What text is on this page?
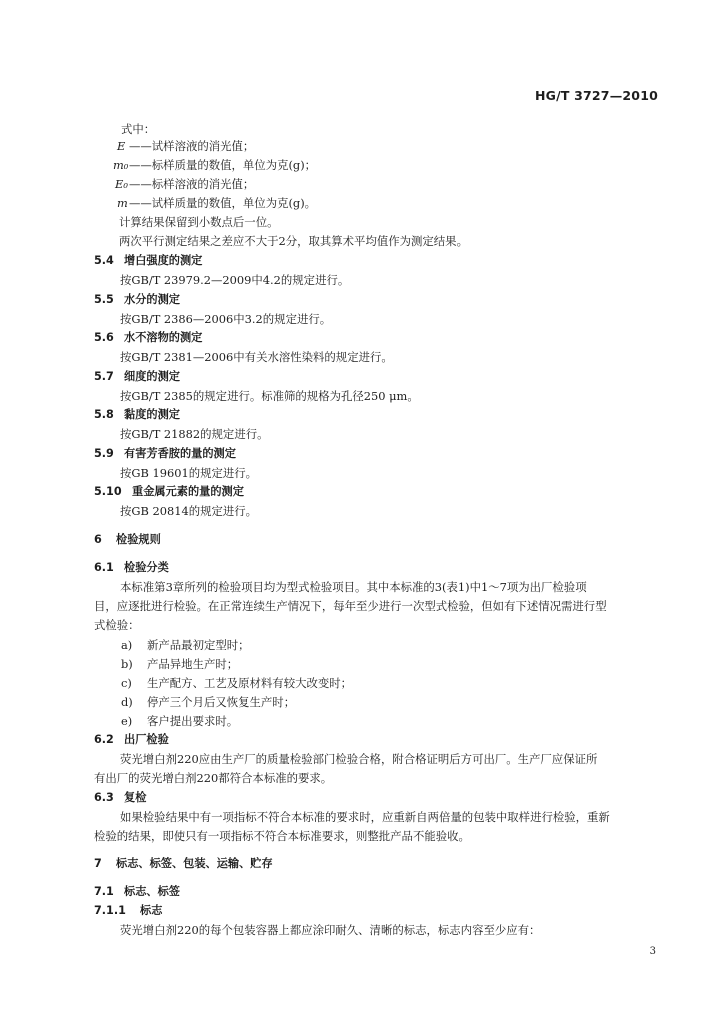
HG/T 3727—2010
式中：
E ——试样溶液的消光值；
m₀——标样质量的数值，单位为克(g)；
E₀——标样溶液的消光值；
m——试样质量的数值，单位为克(g)。
计算结果保留到小数点后一位。
两次平行测定结果之差应不大于2分，取其算术平均值作为测定结果。
5.4 增白强度的测定
按GB/T 23979.2—2009中4.2的规定进行。
5.5 水分的测定
按GB/T 2386—2006中3.2的规定进行。
5.6 水不溶物的测定
按GB/T 2381—2006中有关水溶性染料的规定进行。
5.7 细度的测定
按GB/T 2385的规定进行。标准筛的规格为孔径250 μm。
5.8 黏度的测定
按GB/T 21882的规定进行。
5.9 有害芳香胺的量的测定
按GB 19601的规定进行。
5.10 重金属元素的量的测定
按GB 20814的规定进行。
6 检验规则
6.1 检验分类
本标准第3章所列的检验项目均为型式检验项目。其中本标准的3(表1)中1～7项为出厂检验项
目，应逐批进行检验。在正常连续生产情况下，每年至少进行一次型式检验，但如有下述情况需进行型
式检验：
a) 新产品最初定型时；
b) 产品异地生产时；
c) 生产配方、工艺及原材料有较大改变时；
d) 停产三个月后又恢复生产时；
e) 客户提出要求时。
6.2 出厂检验
荧光增白剂220应由生产厂的质量检验部门检验合格，附合格证明后方可出厂。生产厂应保证所
有出厂的荧光增白剂220都符合本标准的要求。
6.3 复检
如果检验结果中有一项指标不符合本标准的要求时，应重新自两倍量的包装中取样进行检验，重新
检验的结果，即使只有一项指标不符合本标准要求，则整批产品不能验收。
7 标志、标签、包装、运输、贮存
7.1 标志、标签
7.1.1 标志
荧光增白剂220的每个包装容器上都应涂印耐久、清晰的标志，标志内容至少应有：
3
